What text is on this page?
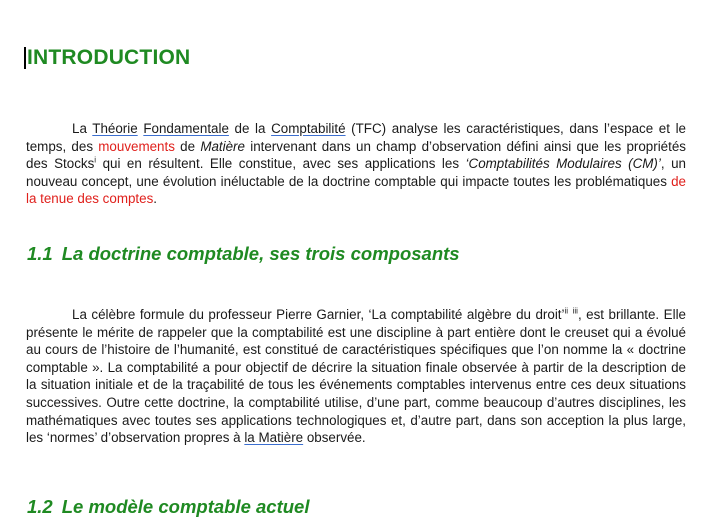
INTRODUCTION

La Théorie Fondamentale de la Comptabilité (TFC) analyse les caractéristiques, dans l’espace et le temps, des mouvements de Matière intervenant dans un champ d’observation défini ainsi que les propriétés des Stocks$^i$ qui en résultent. Elle constitue, avec ses applications les ‘Comptabilités Modulaires (CM)’, un nouveau concept, une évolution inéluctable de la doctrine comptable qui impacte toutes les problématiques de la tenue des comptes.

1.1 La doctrine comptable, ses trois composants

La célèbre formule du professeur Pierre Garnier, ‘La comptabilité algèbre du droit’$^{ii}$ $^{iii}$, est brillante. Elle présente le mérite de rappeler que la comptabilité est une discipline à part entière dont le creuset qui a évolué au cours de l’histoire de l’humanité, est constitué de caractéristiques spécifiques que l’on nomme la « doctrine comptable ». La comptabilité a pour objectif de décrire la situation finale observée à partir de la description de la situation initiale et de la traçabilité de tous les événements comptables intervenus entre ces deux situations successives. Outre cette doctrine, la comptabilité utilise, d’une part, comme beaucoup d’autres disciplines, les mathématiques avec toutes ses applications technologiques et, d’autre part, dans son acception la plus large, les ‘normes’ d’observation propres à la Matière observée.

1.2 Le modèle comptable actuel
